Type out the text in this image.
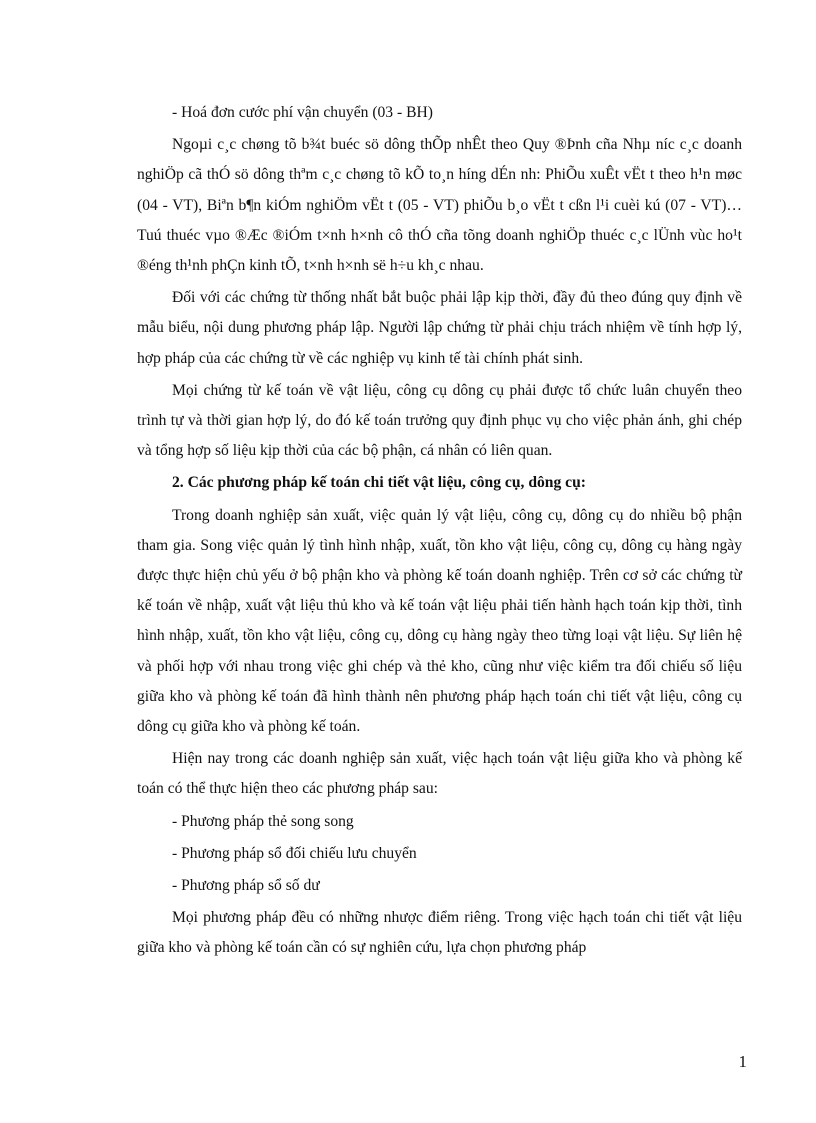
- Hoá đơn cước phí vận chuyển (03 - BH)

Ngoµi c¸c chøng tõ b¾t buéc sö dông thÕp nhÊt theo Quy ®Þnh cña Nhµ níc c¸c doanh nghiÖp cã thÓ sö dông thªm c¸c chøng tõ kÕ to¸n híng dÉn nh: PhiÕu xuÊt vËt t theo h¹n møc (04 - VT), Biªn b¶n kiÓm nghiÖm vËt t (05 - VT) phiÕu b¸o vËt t cßn l¹i cuèi kú (07 - VT)… Tuú thuéc vµo ®Æc ®iÓm t×nh h×nh cô thÓ cña tõng doanh nghiÖp thuéc c¸c lÜnh vùc ho¹t ®éng th¹nh phÇn kinh tÕ, t×nh h×nh së h÷u kh¸c nhau.

Đối với các chứng từ thống nhất bắt buộc phải lập kịp thời, đầy đủ theo đúng quy định về mẫu biểu, nội dung phương pháp lập. Người lập chứng từ phải chịu trách nhiệm về tính hợp lý, hợp pháp của các chứng từ về các nghiệp vụ kinh tế tài chính phát sinh.

Mọi chứng từ kế toán về vật liệu, công cụ dông cụ phải được tổ chức luân chuyển theo trình tự và thời gian hợp lý, do đó kế toán trưởng quy định phục vụ cho việc phản ánh, ghi chép và tổng hợp số liệu kịp thời của các bộ phận, cá nhân có liên quan.

2. Các phương pháp kế toán chi tiết vật liệu, công cụ, dông cụ:

Trong doanh nghiệp sản xuất, việc quản lý vật liệu, công cụ, dông cụ do nhiều bộ phận tham gia. Song việc quản lý tình hình nhập, xuất, tồn kho vật liệu, công cụ, dông cụ hàng ngày được thực hiện chủ yếu ở bộ phận kho và phòng kế toán doanh nghiệp. Trên cơ sở các chứng từ kế toán về nhập, xuất vật liệu thủ kho và kế toán vật liệu phải tiến hành hạch toán kịp thời, tình hình nhập, xuất, tồn kho vật liệu, công cụ, dông cụ hàng ngày theo từng loại vật liệu. Sự liên hệ và phối hợp với nhau trong việc ghi chép và thẻ kho, cũng như việc kiểm tra đối chiếu số liệu giữa kho và phòng kế toán đã hình thành nên phương pháp hạch toán chi tiết vật liệu, công cụ dông cụ giữa kho và phòng kế toán.

Hiện nay trong các doanh nghiệp sản xuất, việc hạch toán vật liệu giữa kho và phòng kế toán có thể thực hiện theo các phương pháp sau:

- Phương pháp thẻ song song

- Phương pháp sổ đối chiếu lưu chuyển

- Phương pháp sổ số dư

Mọi phương pháp đều có những nhược điểm riêng. Trong việc hạch toán chi tiết vật liệu giữa kho và phòng kế toán cần có sự nghiên cứu, lựa chọn phương pháp

1
